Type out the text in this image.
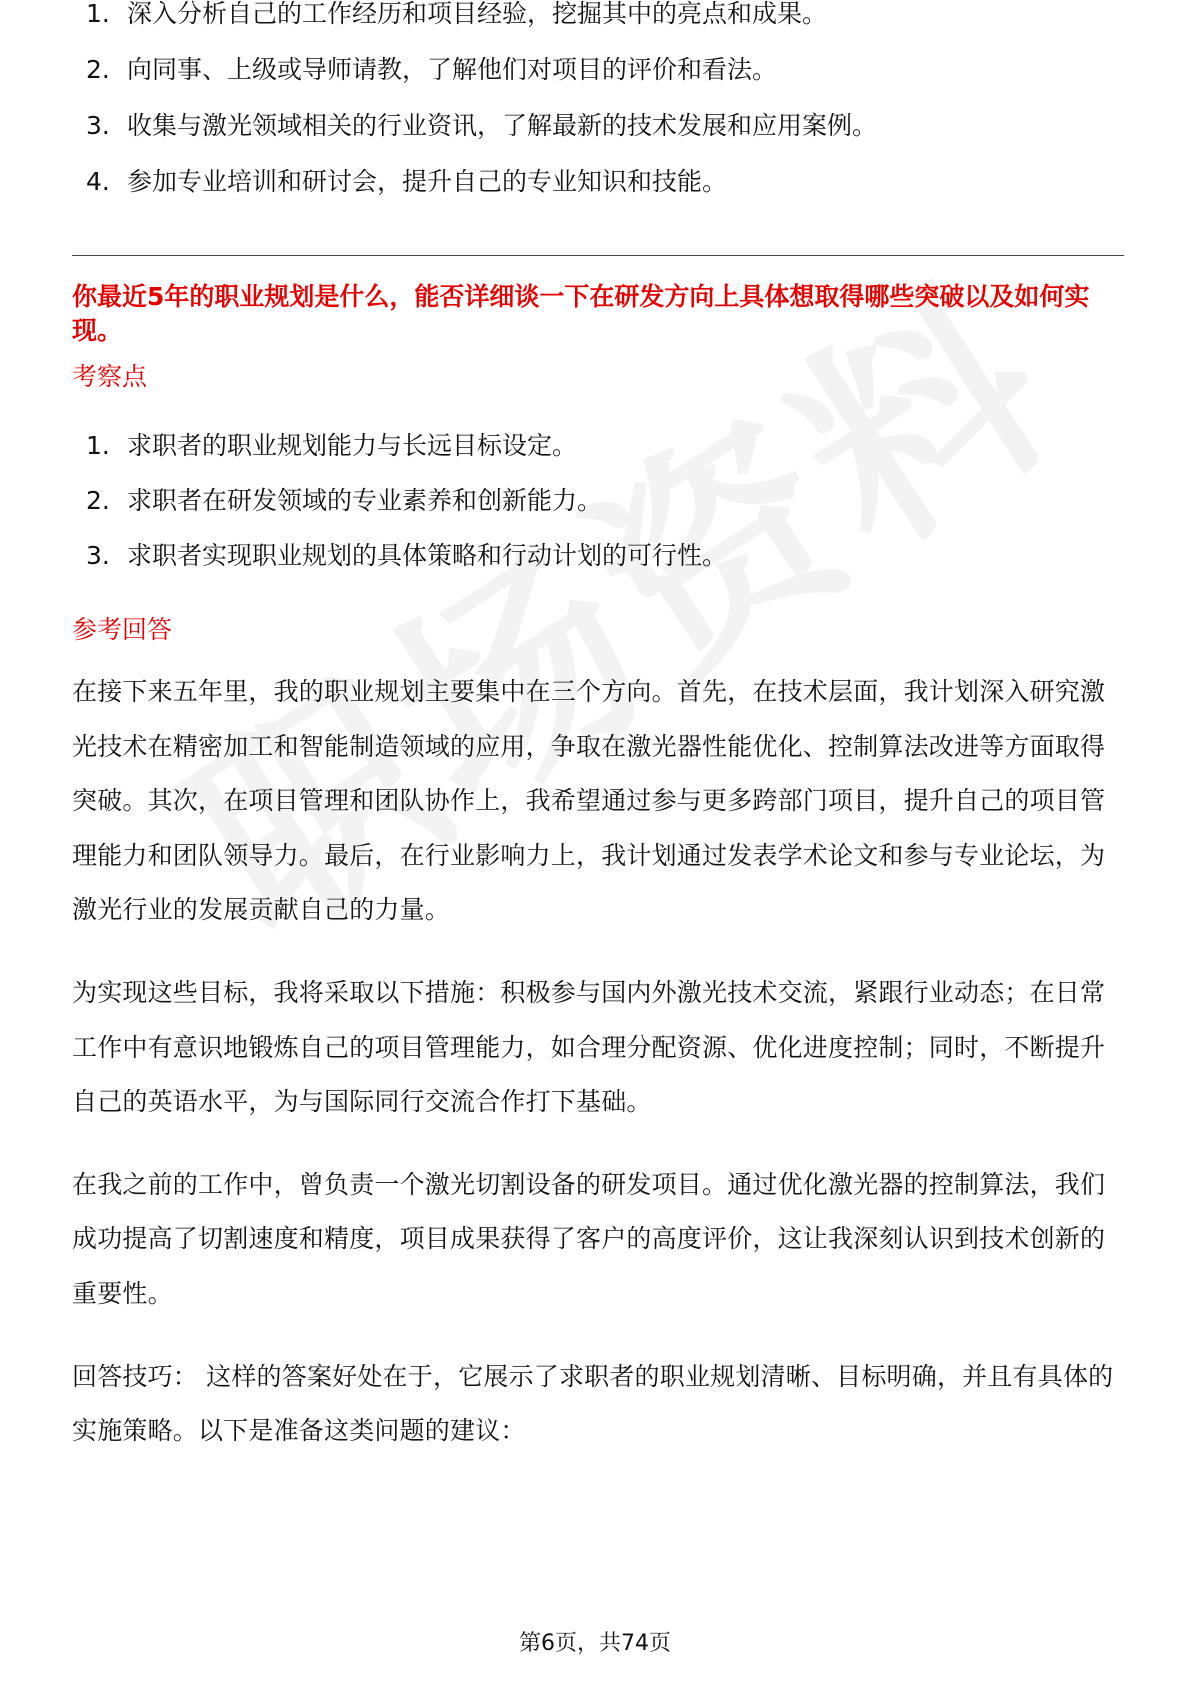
1. 深入分析自己的工作经历和项目经验，挖掘其中的亮点和成果。
2. 向同事、上级或导师请教，了解他们对项目的评价和看法。
3. 收集与激光领域相关的行业资讯，了解最新的技术发展和应用案例。
4. 参加专业培训和研讨会，提升自己的专业知识和技能。

你最近5年的职业规划是什么，能否详细谈一下在研发方向上具体想取得哪些突破以及如何实现。

考察点

1. 求职者的职业规划能力与长远目标设定。
2. 求职者在研发领域的专业素养和创新能力。
3. 求职者实现职业规划的具体策略和行动计划的可行性。

参考回答

在接下来五年里，我的职业规划主要集中在三个方向。首先，在技术层面，我计划深入研究激光技术在精密加工和智能制造领域的应用，争取在激光器性能优化、控制算法改进等方面取得突破。其次，在项目管理和团队协作上，我希望通过参与更多跨部门项目，提升自己的项目管理能力和团队领导力。最后，在行业影响力上，我计划通过发表学术论文和参与专业论坛，为激光行业的发展贡献自己的力量。

为实现这些目标，我将采取以下措施：积极参与国内外激光技术交流，紧跟行业动态；在日常工作中有意识地锻炼自己的项目管理能力，如合理分配资源、优化进度控制；同时，不断提升自己的英语水平，为与国际同行交流合作打下基础。

在我之前的工作中，曾负责一个激光切割设备的研发项目。通过优化激光器的控制算法，我们成功提高了切割速度和精度，项目成果获得了客户的高度评价，这让我深刻认识到技术创新的重要性。

回答技巧： 这样的答案好处在于，它展示了求职者的职业规划清晰、目标明确，并且有具体的实施策略。以下是准备这类问题的建议：

第6页，共74页
